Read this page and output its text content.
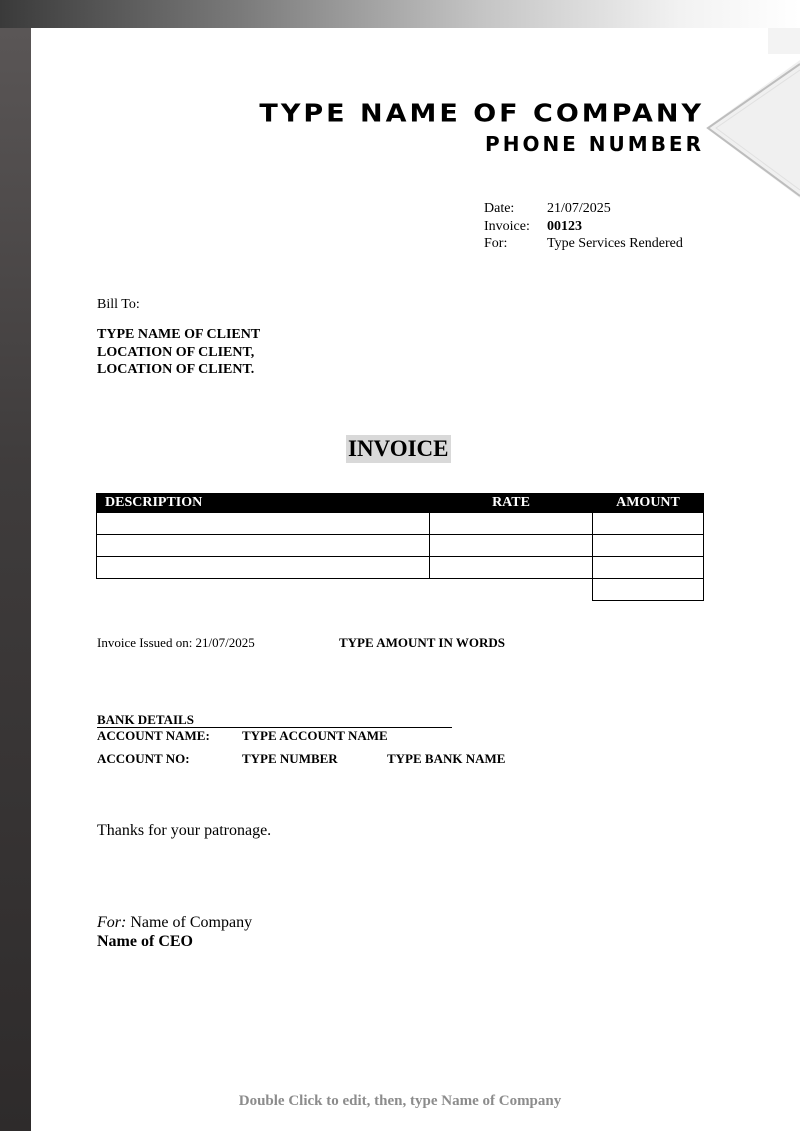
TYPE NAME OF COMPANY
PHONE NUMBER
Date:	21/07/2025
Invoice:	00123
For:	Type Services Rendered
Bill To:
TYPE NAME OF CLIENT
LOCATION OF CLIENT,
LOCATION OF CLIENT.
INVOICE
DESCRIPTION	RATE	AMOUNT

Invoice Issued on: 21/07/2025	TYPE AMOUNT IN WORDS
BANK DETAILS
ACCOUNT NAME: TYPE ACCOUNT NAME
ACCOUNT NO:	TYPE NUMBER	TYPE BANK NAME
Thanks for your patronage.
For: Name of Company
Name of CEO
Double Click to edit, then, type Name of Company
